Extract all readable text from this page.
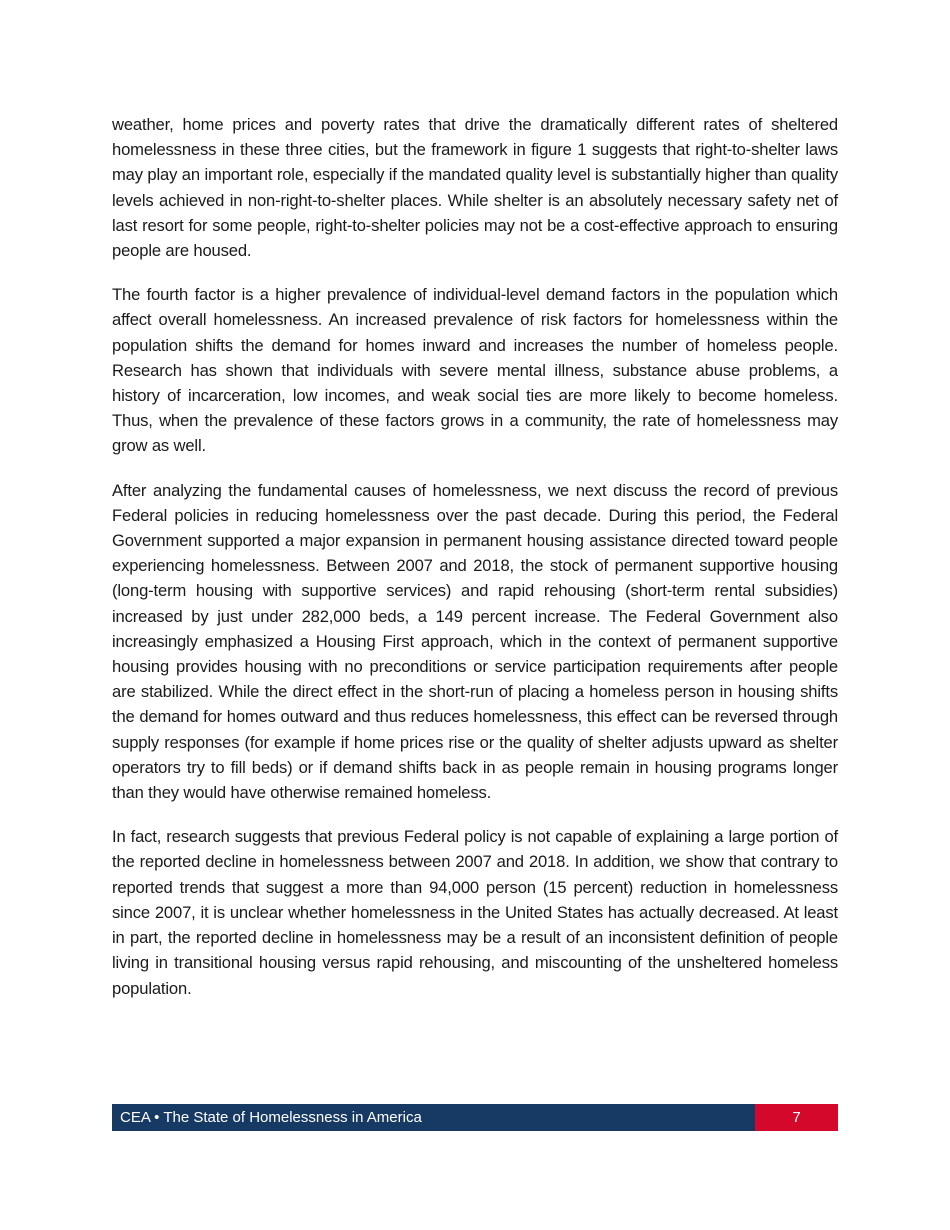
weather, home prices and poverty rates that drive the dramatically different rates of sheltered homelessness in these three cities, but the framework in figure 1 suggests that right-to-shelter laws may play an important role, especially if the mandated quality level is substantially higher than quality levels achieved in non-right-to-shelter places. While shelter is an absolutely necessary safety net of last resort for some people, right-to-shelter policies may not be a cost-effective approach to ensuring people are housed.

The fourth factor is a higher prevalence of individual-level demand factors in the population which affect overall homelessness. An increased prevalence of risk factors for homelessness within the population shifts the demand for homes inward and increases the number of homeless people. Research has shown that individuals with severe mental illness, substance abuse problems, a history of incarceration, low incomes, and weak social ties are more likely to become homeless. Thus, when the prevalence of these factors grows in a community, the rate of homelessness may grow as well.

After analyzing the fundamental causes of homelessness, we next discuss the record of previous Federal policies in reducing homelessness over the past decade. During this period, the Federal Government supported a major expansion in permanent housing assistance directed toward people experiencing homelessness. Between 2007 and 2018, the stock of permanent supportive housing (long-term housing with supportive services) and rapid rehousing (short-term rental subsidies) increased by just under 282,000 beds, a 149 percent increase. The Federal Government also increasingly emphasized a Housing First approach, which in the context of permanent supportive housing provides housing with no preconditions or service participation requirements after people are stabilized. While the direct effect in the short-run of placing a homeless person in housing shifts the demand for homes outward and thus reduces homelessness, this effect can be reversed through supply responses (for example if home prices rise or the quality of shelter adjusts upward as shelter operators try to fill beds) or if demand shifts back in as people remain in housing programs longer than they would have otherwise remained homeless.

In fact, research suggests that previous Federal policy is not capable of explaining a large portion of the reported decline in homelessness between 2007 and 2018. In addition, we show that contrary to reported trends that suggest a more than 94,000 person (15 percent) reduction in homelessness since 2007, it is unclear whether homelessness in the United States has actually decreased. At least in part, the reported decline in homelessness may be a result of an inconsistent definition of people living in transitional housing versus rapid rehousing, and miscounting of the unsheltered homeless population.

CEA • The State of Homelessness in America	7
